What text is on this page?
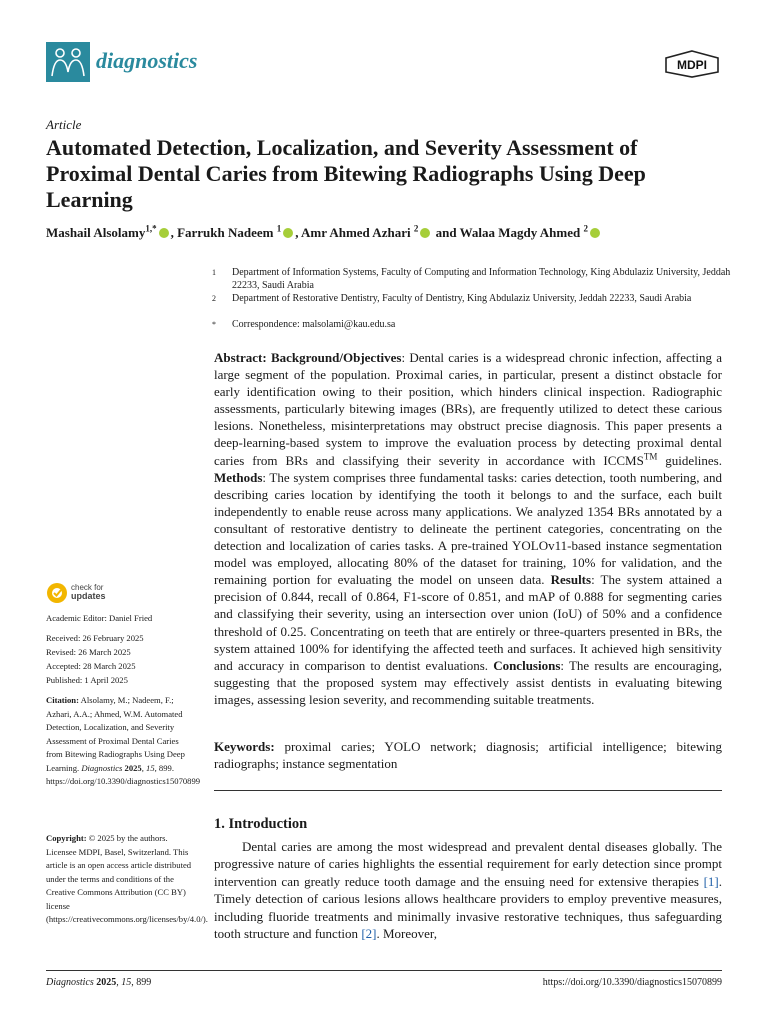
diagnostics	MDPI
Article
Automated Detection, Localization, and Severity Assessment of Proximal Dental Caries from Bitewing Radiographs Using Deep Learning
Mashail Alsolamy$^{1,*}$ , Farrukh Nadeem $^1$ , Amr Ahmed Azhari $^2$ and Walaa Magdy Ahmed $^2$
1 Department of Information Systems, Faculty of Computing and Information Technology, King Abdulaziz University, Jeddah 22233, Saudi Arabia
2 Department of Restorative Dentistry, Faculty of Dentistry, King Abdulaziz University, Jeddah 22233, Saudi Arabia
* Correspondence: malsolami@kau.edu.sa
Abstract: Background/Objectives: Dental caries is a widespread chronic infection, affecting a large segment of the population. Proximal caries, in particular, present a distinct obstacle for early identification owing to their position, which hinders clinical inspection. Radiographic assessments, particularly bitewing images (BRs), are frequently utilized to detect these carious lesions. Nonetheless, misinterpretations may obstruct precise diagnosis. This paper presents a deep-learning-based system to improve the evaluation process by detecting proximal dental caries from BRs and classifying their severity in accordance with ICCMS™ guidelines. Methods: The system comprises three fundamental tasks: caries detection, tooth numbering, and describing caries location by identifying the tooth it belongs to and the surface, each built independently to enable reuse across many applications. We analyzed 1354 BRs annotated by a consultant of restorative dentistry to delineate the pertinent categories, concentrating on the detection and localization of caries tasks. A pre-trained YOLOv11-based instance segmentation model was employed, allocating 80% of the dataset for training, 10% for validation, and the remaining portion for evaluating the model on unseen data. Results: The system attained a precision of 0.844, recall of 0.864, F1-score of 0.851, and mAP of 0.888 for segmenting caries and classifying their severity, using an intersection over union (IoU) of 50% and a confidence threshold of 0.25. Concentrating on teeth that are entirely or three-quarters presented in BRs, the system attained 100% for identifying the affected teeth and surfaces. It achieved high sensitivity and accuracy in comparison to dentist evaluations. Conclusions: The results are encouraging, suggesting that the proposed system may effectively assist dentists in evaluating bitewing images, assessing lesion severity, and recommending suitable treatments.
Keywords: proximal caries; YOLO network; diagnosis; artificial intelligence; bitewing radiographs; instance segmentation
1. Introduction
Dental caries are among the most widespread and prevalent dental diseases globally. The progressive nature of caries highlights the essential requirement for early detection since prompt intervention can greatly reduce tooth damage and the ensuing need for extensive therapies [1]. Timely detection of carious lesions allows healthcare providers to employ preventive measures, including fluoride treatments and minimally invasive restorative techniques, thus safeguarding tooth structure and function [2]. Moreover,
check for
updates
Academic Editor: Daniel Fried
Received: 26 February 2025
Revised: 26 March 2025
Accepted: 28 March 2025
Published: 1 April 2025
Citation: Alsolamy, M.; Nadeem, F.; Azhari, A.A.; Ahmed, W.M. Automated Detection, Localization, and Severity Assessment of Proximal Dental Caries from Bitewing Radiographs Using Deep Learning. Diagnostics 2025, 15, 899. https://doi.org/10.3390/diagnostics15070899
Copyright: © 2025 by the authors. Licensee MDPI, Basel, Switzerland. This article is an open access article distributed under the terms and conditions of the Creative Commons Attribution (CC BY) license (https://creativecommons.org/licenses/by/4.0/).
Diagnostics 2025, 15, 899	https://doi.org/10.3390/diagnostics15070899
